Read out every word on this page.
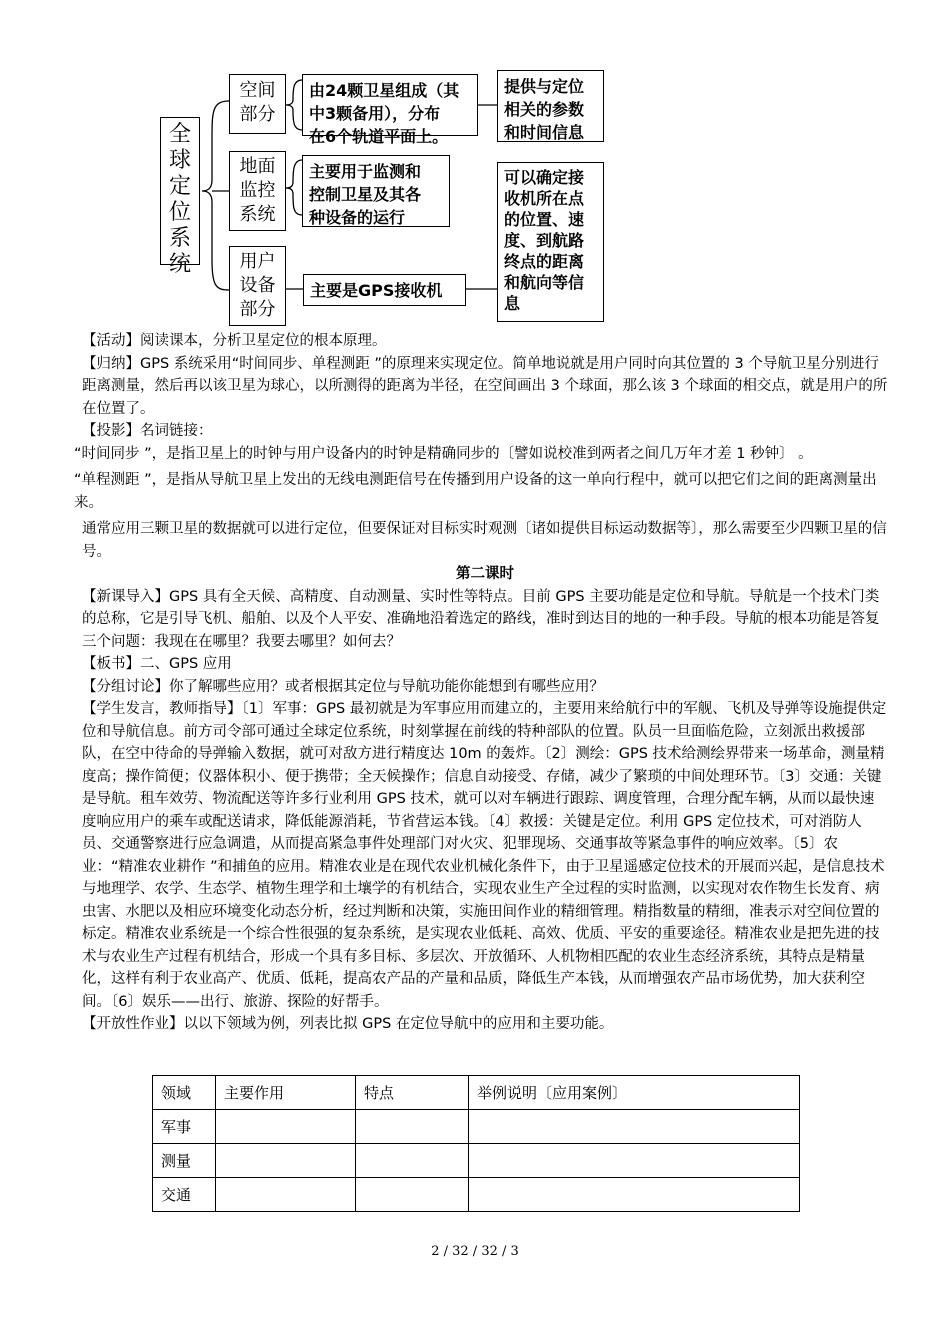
全
球
定
位
系
统
空间
部分
由24颗卫星组成（其
中3颗备用），分布
在6个轨道平面上。
提供与定位
相关的参数
和时间信息
地面
监控
系统
主要用于监测和
控制卫星及其各
种设备的运行
用户
设备
部分
主要是GPS接收机
可以确定接
收机所在点
的位置、速
度、到航路
终点的距离
和航向等信
息

【活动】阅读课本，分析卫星定位的根本原理。

【归纳】GPS 系统采用“时间同步、单程测距 ”的原理来实现定位。简单地说就是用户同时向其位置的 3 个导航卫星分别进行距离测量，然后再以该卫星为球心，以所测得的距离为半径，在空间画出 3 个球面，那么该 3 个球面的相交点，就是用户的所在位置了。

【投影】名词链接：

“时间同步 ”，是指卫星上的时钟与用户设备内的时钟是精确同步的〔譬如说校准到两者之间几万年才差 1 秒钟〕 。

“单程测距 ”，是指从导航卫星上发出的无线电测距信号在传播到用户设备的这一单向行程中，就可以把它们之间的距离测量出来。

通常应用三颗卫星的数据就可以进行定位，但要保证对目标实时观测〔诸如提供目标运动数据等〕，那么需要至少四颗卫星的信号。

第二课时

【新课导入】GPS 具有全天候、高精度、自动测量、实时性等特点。目前 GPS 主要功能是定位和导航。导航是一个技术门类的总称，它是引导飞机、船舶、以及个人平安、准确地沿着选定的路线，准时到达目的地的一种手段。导航的根本功能是答复三个问题：我现在在哪里？我要去哪里？如何去？

【板书】二、GPS 应用

【分组讨论】你了解哪些应用？或者根据其定位与导航功能你能想到有哪些应用？

【学生发言，教师指导】〔1〕军事：GPS 最初就是为军事应用而建立的，主要用来给航行中的军舰、飞机及导弹等设施提供定位和导航信息。前方司令部可通过全球定位系统，时刻掌握在前线的特种部队的位置。队员一旦面临危险，立刻派出救援部队，在空中待命的导弹输入数据，就可对敌方进行精度达 10m 的轰炸。〔2〕测绘：GPS 技术给测绘界带来一场革命，测量精度高；操作简便；仪器体积小、便于携带；全天候操作；信息自动接受、存储，减少了繁琐的中间处理环节。〔3〕交通：关键是导航。租车效劳、物流配送等许多行业利用 GPS 技术，就可以对车辆进行跟踪、调度管理，合理分配车辆，从而以最快速度响应用户的乘车或配送请求，降低能源消耗，节省营运本钱。〔4〕救援：关键是定位。利用 GPS 定位技术，可对消防人员、交通警察进行应急调遣，从而提高紧急事件处理部门对火灾、犯罪现场、交通事故等紧急事件的响应效率。〔5〕农业：“精准农业耕作 ”和捕鱼的应用。精准农业是在现代农业机械化条件下，由于卫星遥感定位技术的开展而兴起，是信息技术与地理学、农学、生态学、植物生理学和土壤学的有机结合，实现农业生产全过程的实时监测，以实现对农作物生长发育、病虫害、水肥以及相应环境变化动态分析，经过判断和决策，实施田间作业的精细管理。精指数量的精细，准表示对空间位置的标定。精准农业系统是一个综合性很强的复杂系统，是实现农业低耗、高效、优质、平安的重要途径。精准农业是把先进的技术与农业生产过程有机结合，形成一个具有多目标、多层次、开放循环、人机物相匹配的农业生态经济系统，其特点是精量化，这样有利于农业高产、优质、低耗，提高农产品的产量和品质，降低生产本钱，从而增强农产品市场优势，加大获利空间。〔6〕娱乐——出行、旅游、探险的好帮手。

【开放性作业】以以下领域为例，列表比拟 GPS 在定位导航中的应用和主要功能。

领域	主要作用	特点	举例说明〔应用案例〕
军事			
测量			
交通			
2 / 32 / 32 / 3
